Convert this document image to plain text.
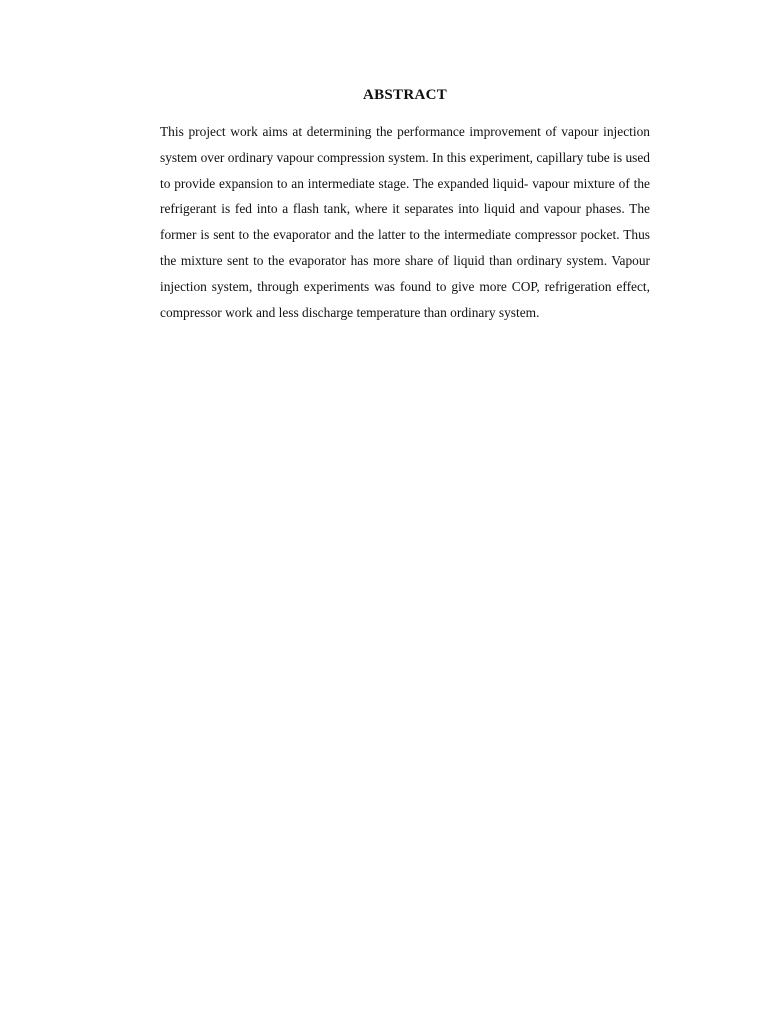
ABSTRACT

This project work aims at determining the performance improvement of vapour injection system over ordinary vapour compression system. In this experiment, capillary tube is used to provide expansion to an intermediate stage. The expanded liquid- vapour mixture of the refrigerant is fed into a flash tank, where it separates into liquid and vapour phases. The former is sent to the evaporator and the latter to the intermediate compressor pocket. Thus the mixture sent to the evaporator has more share of liquid than ordinary system. Vapour injection system, through experiments was found to give more COP, refrigeration effect, compressor work and less discharge temperature than ordinary system.
